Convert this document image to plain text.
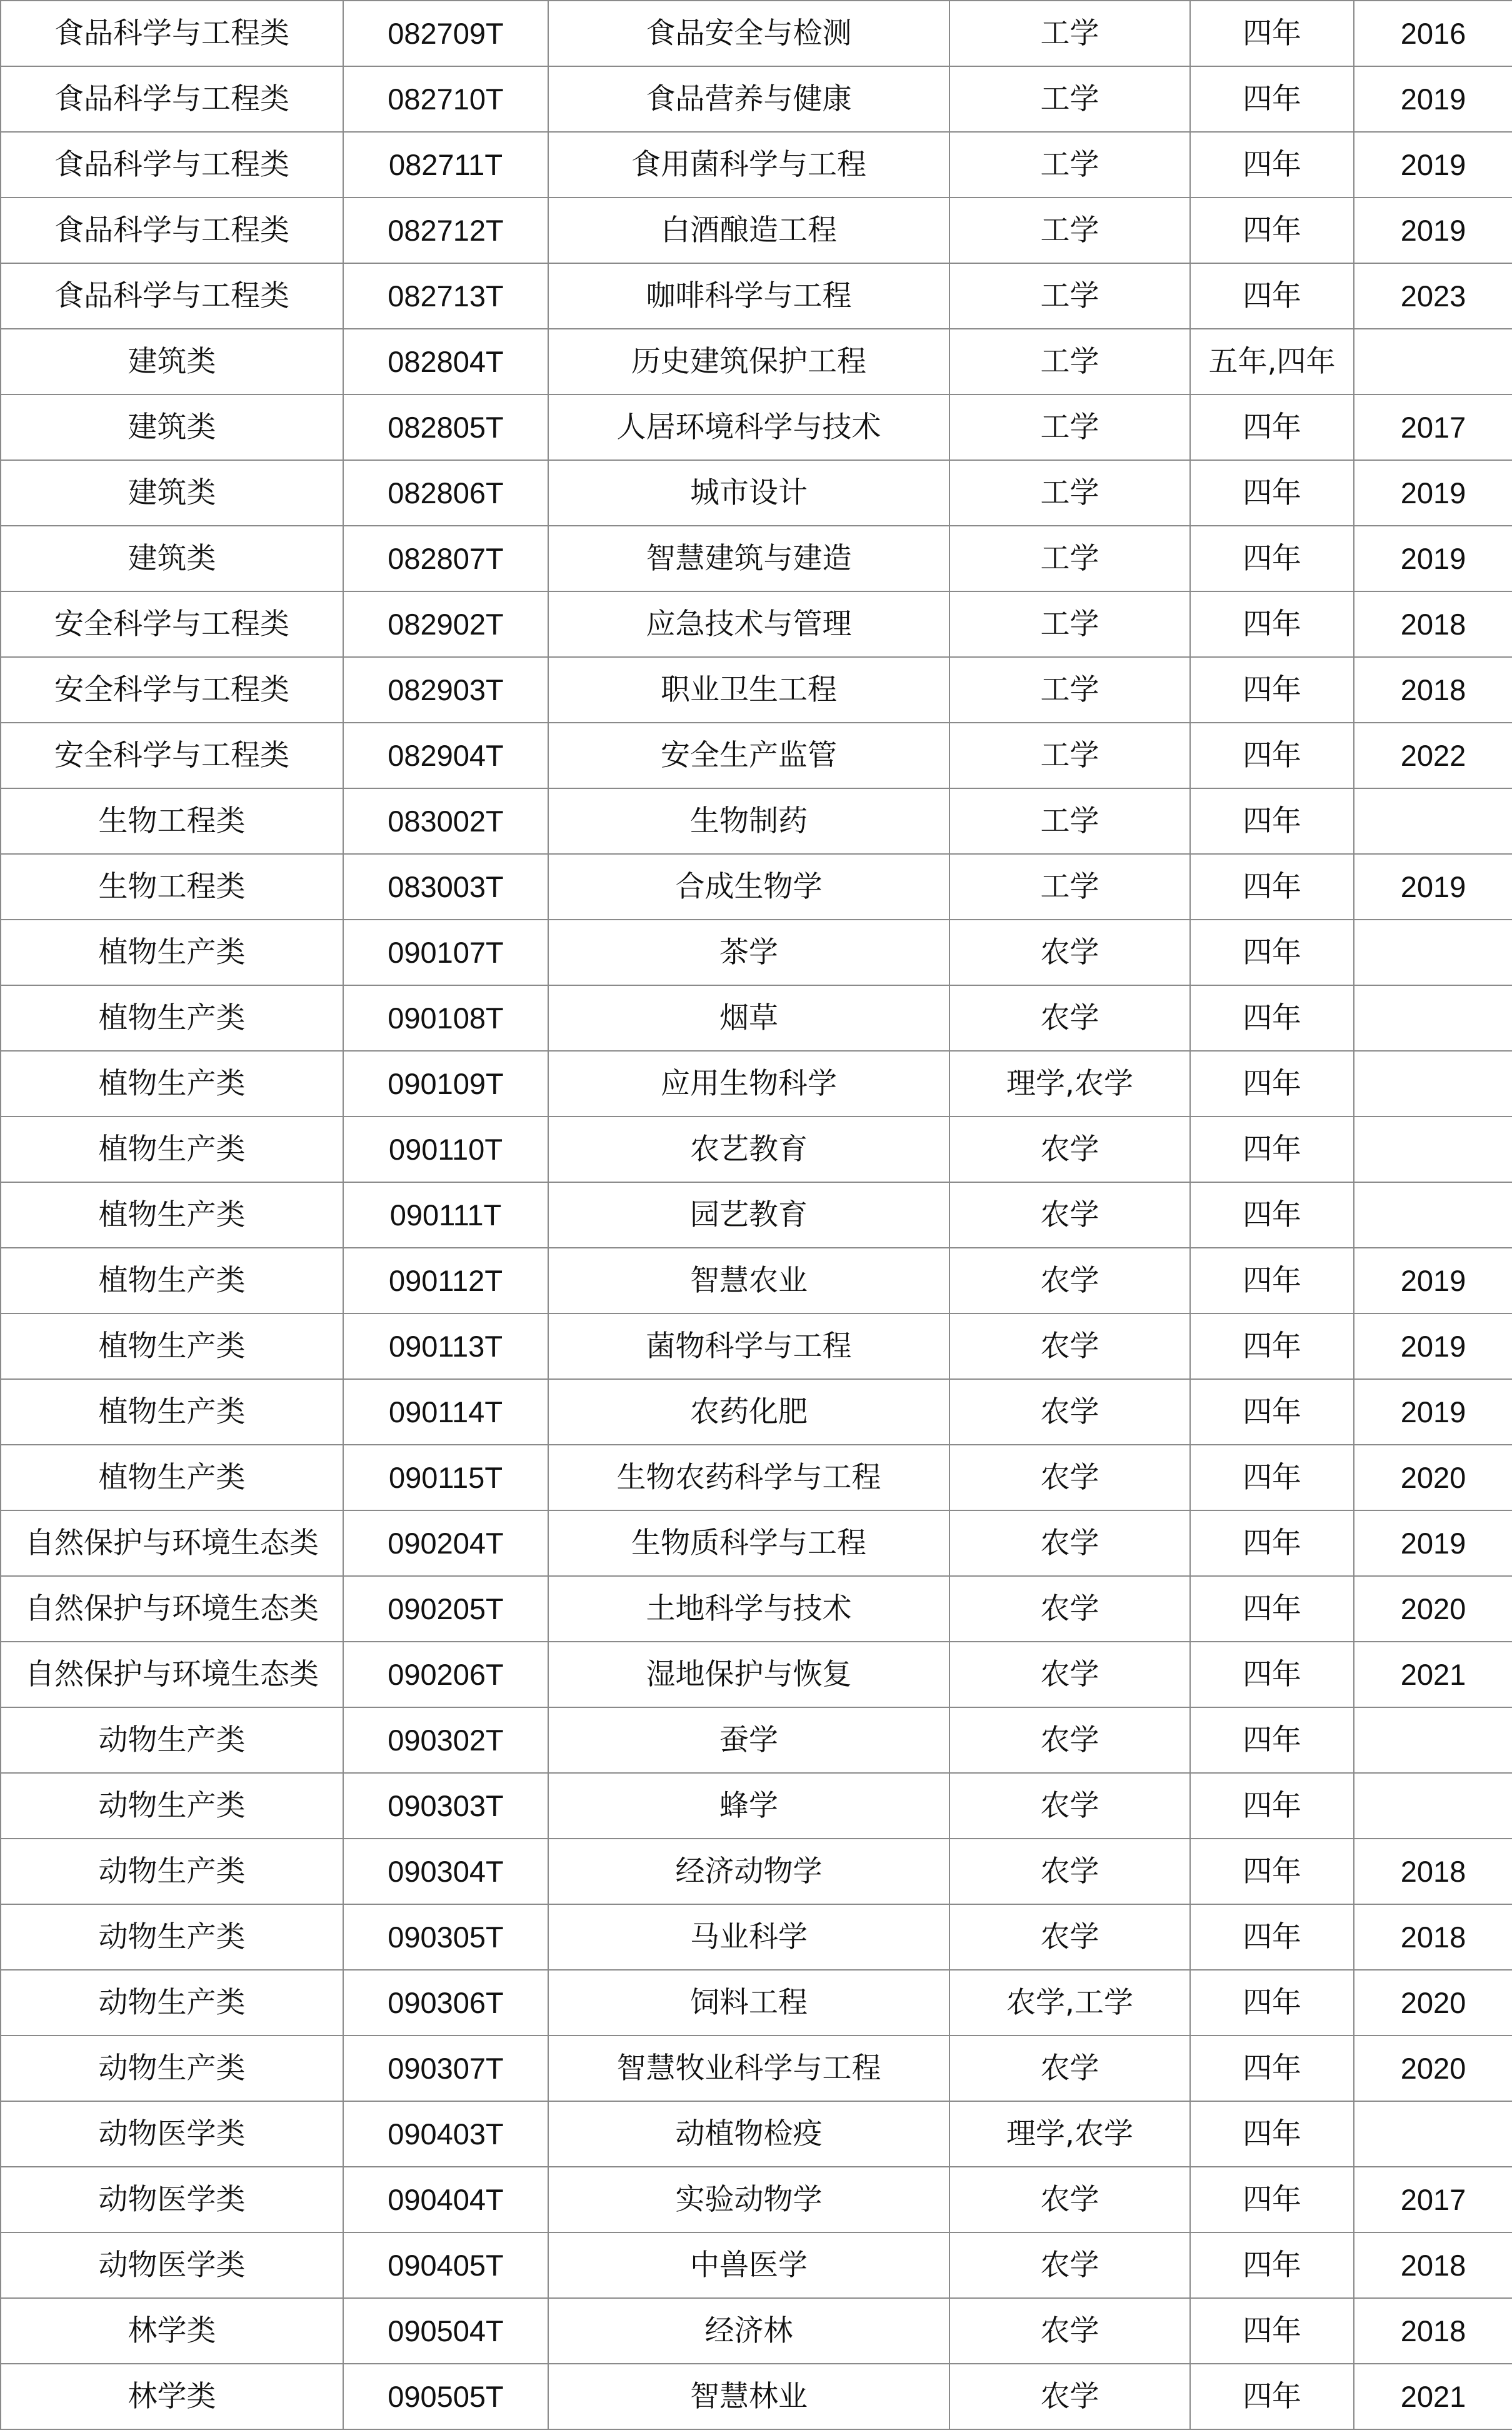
食品科学与工程类	082709T	食品安全与检测	工学	四年	2016
食品科学与工程类	082710T	食品营养与健康	工学	四年	2019
食品科学与工程类	082711T	食用菌科学与工程	工学	四年	2019
食品科学与工程类	082712T	白酒酿造工程	工学	四年	2019
食品科学与工程类	082713T	咖啡科学与工程	工学	四年	2023
建筑类	082804T	历史建筑保护工程	工学	五年,四年	
建筑类	082805T	人居环境科学与技术	工学	四年	2017
建筑类	082806T	城市设计	工学	四年	2019
建筑类	082807T	智慧建筑与建造	工学	四年	2019
安全科学与工程类	082902T	应急技术与管理	工学	四年	2018
安全科学与工程类	082903T	职业卫生工程	工学	四年	2018
安全科学与工程类	082904T	安全生产监管	工学	四年	2022
生物工程类	083002T	生物制药	工学	四年	
生物工程类	083003T	合成生物学	工学	四年	2019
植物生产类	090107T	茶学	农学	四年	
植物生产类	090108T	烟草	农学	四年	
植物生产类	090109T	应用生物科学	理学,农学	四年	
植物生产类	090110T	农艺教育	农学	四年	
植物生产类	090111T	园艺教育	农学	四年	
植物生产类	090112T	智慧农业	农学	四年	2019
植物生产类	090113T	菌物科学与工程	农学	四年	2019
植物生产类	090114T	农药化肥	农学	四年	2019
植物生产类	090115T	生物农药科学与工程	农学	四年	2020
自然保护与环境生态类	090204T	生物质科学与工程	农学	四年	2019
自然保护与环境生态类	090205T	土地科学与技术	农学	四年	2020
自然保护与环境生态类	090206T	湿地保护与恢复	农学	四年	2021
动物生产类	090302T	蚕学	农学	四年	
动物生产类	090303T	蜂学	农学	四年	
动物生产类	090304T	经济动物学	农学	四年	2018
动物生产类	090305T	马业科学	农学	四年	2018
动物生产类	090306T	饲料工程	农学,工学	四年	2020
动物生产类	090307T	智慧牧业科学与工程	农学	四年	2020
动物医学类	090403T	动植物检疫	理学,农学	四年	
动物医学类	090404T	实验动物学	农学	四年	2017
动物医学类	090405T	中兽医学	农学	四年	2018
林学类	090504T	经济林	农学	四年	2018
林学类	090505T	智慧林业	农学	四年	2021
